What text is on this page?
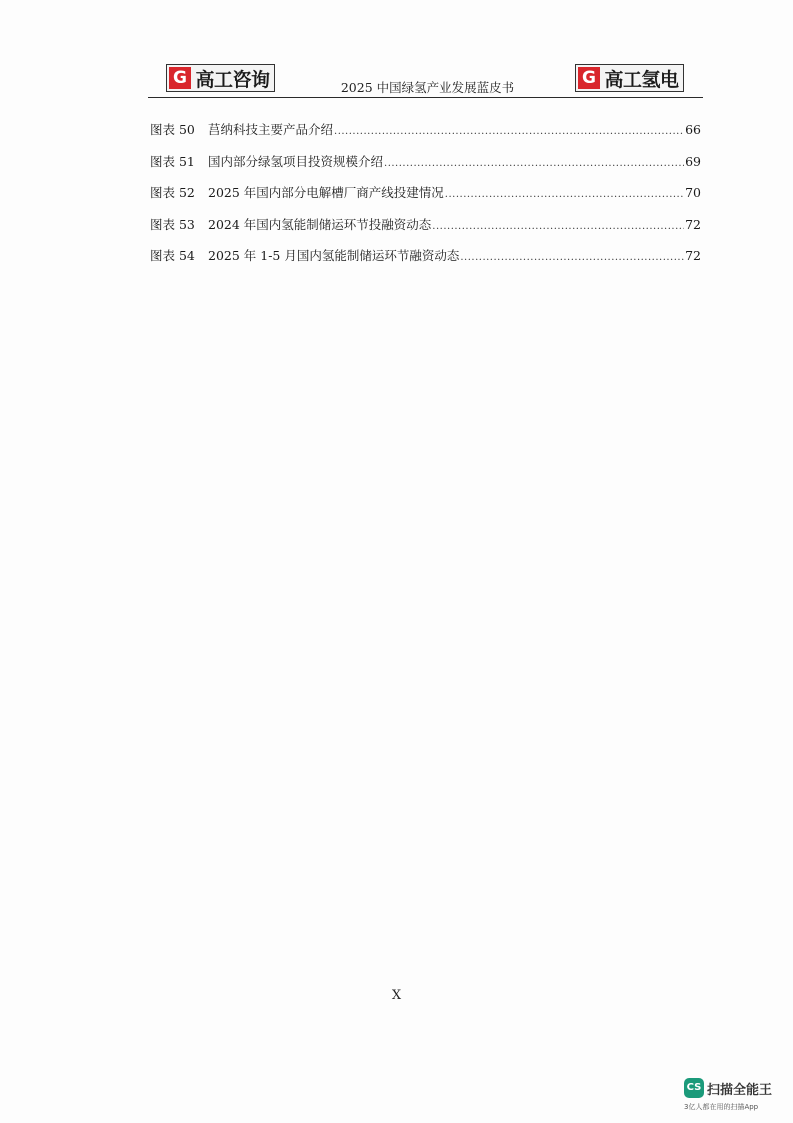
G 高工咨询	2025 中国绿氢产业发展蓝皮书	G 高工氢电
图表 50	莒纳科技主要产品介绍 .....	66
图表 51	国内部分绿氢项目投资规模介绍 .....	69
图表 52	2025 年国内部分电解槽厂商产线投建情况 .....	70
图表 53	2024 年国内氢能制储运环节投融资动态 .....	72
图表 54	2025 年 1-5 月国内氢能制储运环节融资动态 .....	72
X
CS 扫描全能王
3亿人都在用的扫描App
